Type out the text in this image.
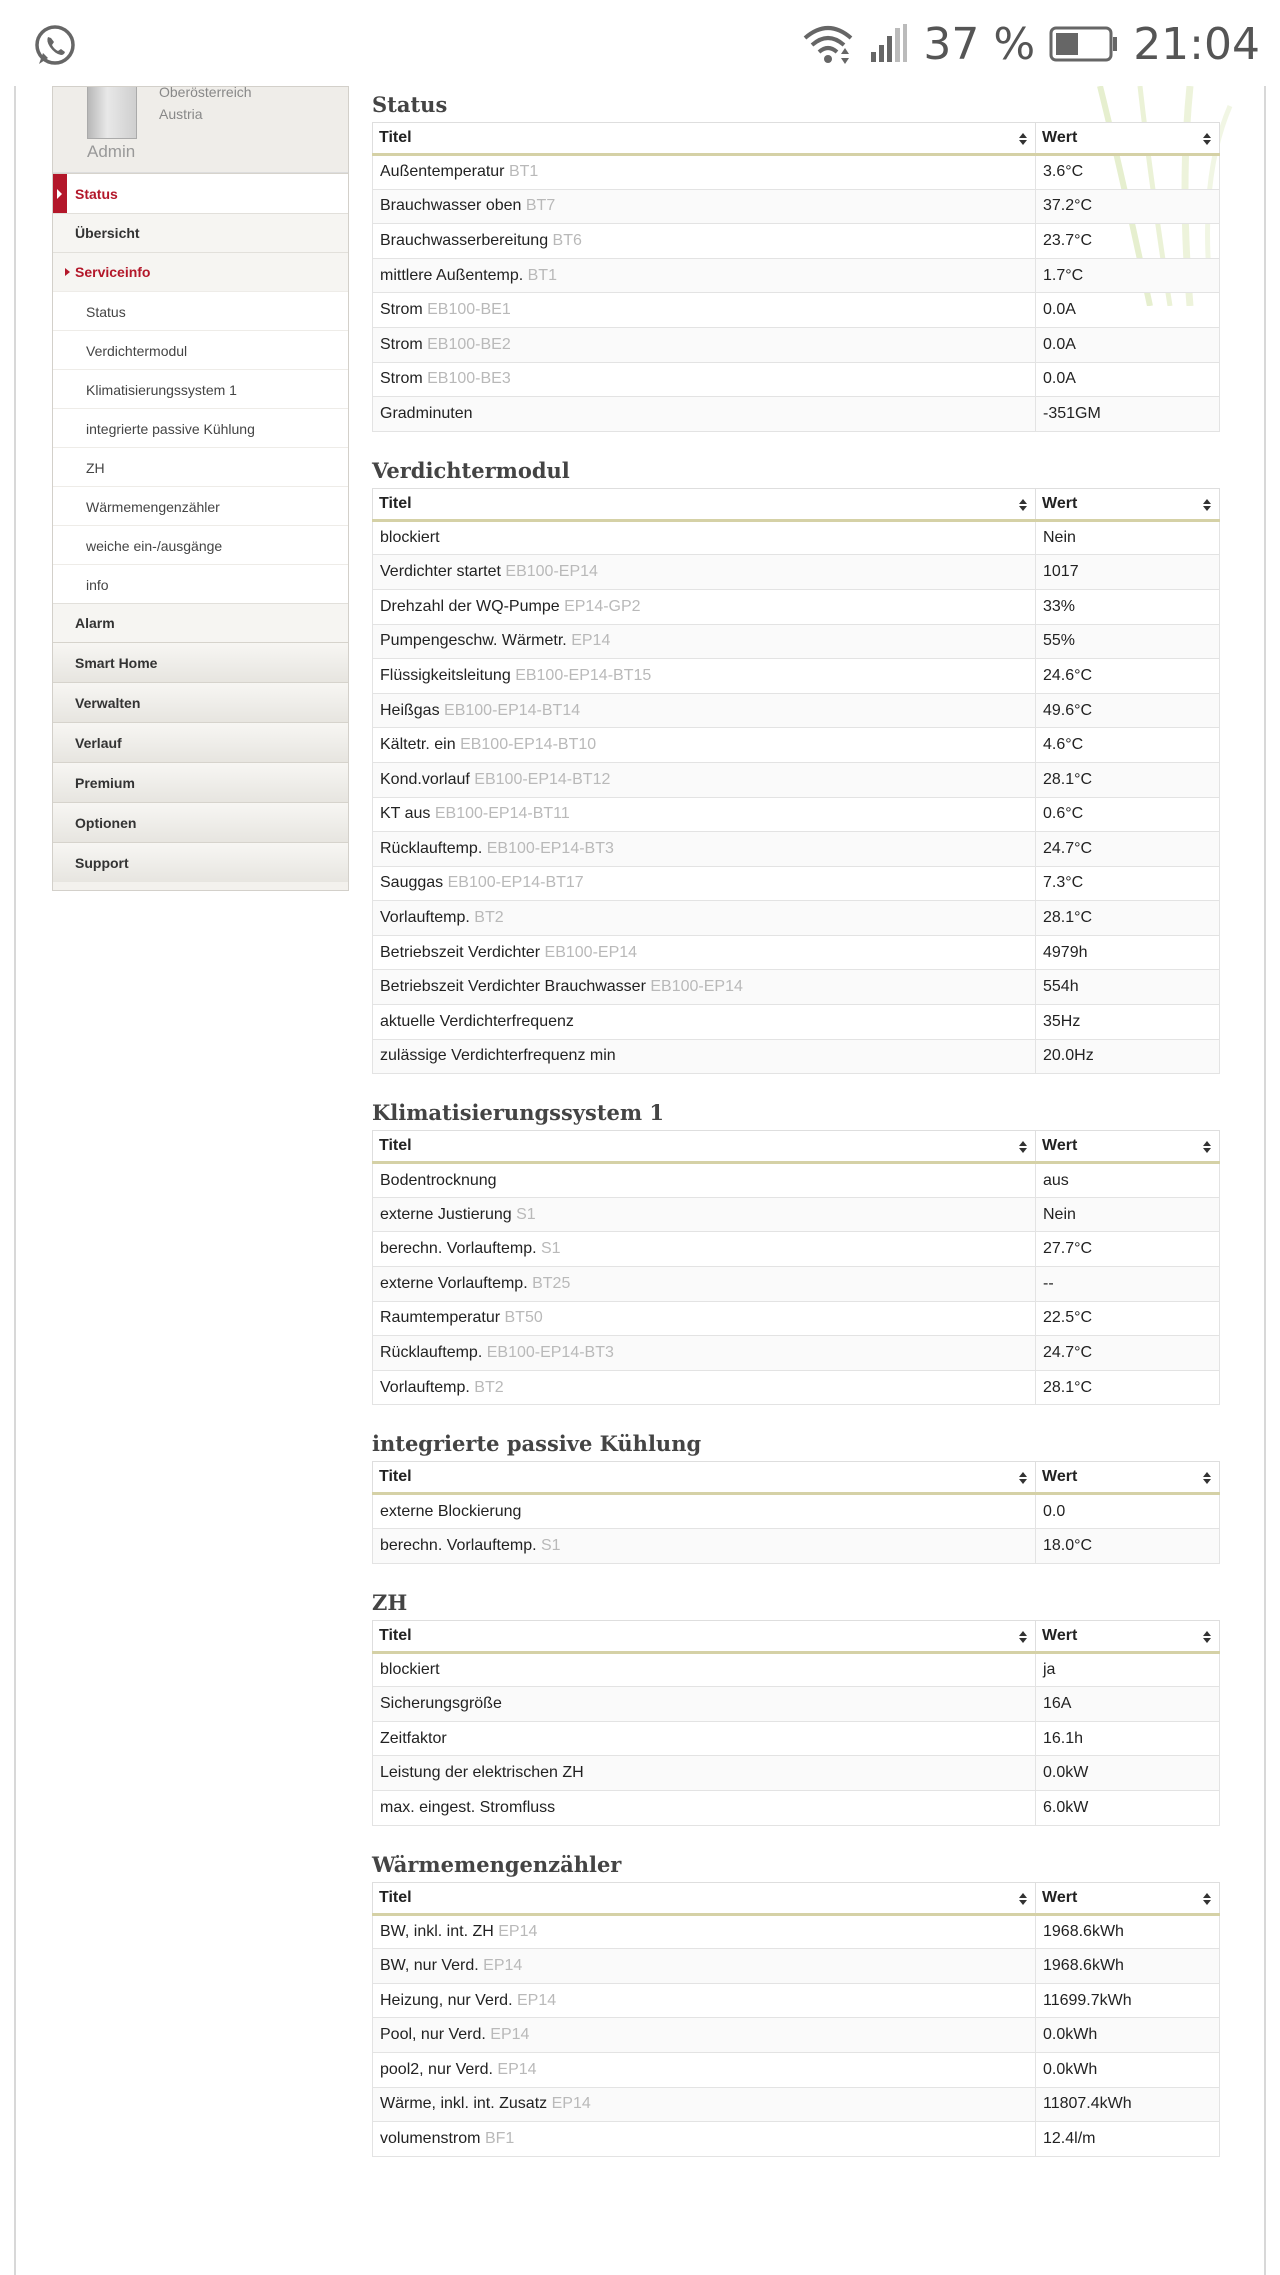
37 % 21:04
Oberösterreich
Austria
Admin
Status
Übersicht
Serviceinfo
Status
Verdichtermodul
Klimatisierungssystem 1
integrierte passive Kühlung
ZH
Wärmemengenzähler
weiche ein-/ausgänge
info
Alarm
Smart Home
Verwalten
Verlauf
Premium
Optionen
Support
Status
Titel	Wert

Außentemperatur BT1	3.6°C
Brauchwasser oben BT7	37.2°C
Brauchwasserbereitung BT6	23.7°C
mittlere Außentemp. BT1	1.7°C
Strom EB100-BE1	0.0A
Strom EB100-BE2	0.0A
Strom EB100-BE3	0.0A
Gradminuten	-351GM
Verdichtermodul
Titel	Wert

blockiert	Nein
Verdichter startet EB100-EP14	1017
Drehzahl der WQ-Pumpe EP14-GP2	33%
Pumpengeschw. Wärmetr. EP14	55%
Flüssigkeitsleitung EB100-EP14-BT15	24.6°C
Heißgas EB100-EP14-BT14	49.6°C
Kältetr. ein EB100-EP14-BT10	4.6°C
Kond.vorlauf EB100-EP14-BT12	28.1°C
KT aus EB100-EP14-BT11	0.6°C
Rücklauftemp. EB100-EP14-BT3	24.7°C
Sauggas EB100-EP14-BT17	7.3°C
Vorlauftemp. BT2	28.1°C
Betriebszeit Verdichter EB100-EP14	4979h
Betriebszeit Verdichter Brauchwasser EB100-EP14	554h
aktuelle Verdichterfrequenz	35Hz
zulässige Verdichterfrequenz min	20.0Hz
Klimatisierungssystem 1
Titel	Wert

Bodentrocknung	aus
externe Justierung S1	Nein
berechn. Vorlauftemp. S1	27.7°C
externe Vorlauftemp. BT25	--
Raumtemperatur BT50	22.5°C
Rücklauftemp. EB100-EP14-BT3	24.7°C
Vorlauftemp. BT2	28.1°C
integrierte passive Kühlung
Titel	Wert

externe Blockierung	0.0
berechn. Vorlauftemp. S1	18.0°C
ZH
Titel	Wert

blockiert	ja
Sicherungsgröße	16A
Zeitfaktor	16.1h
Leistung der elektrischen ZH	0.0kW
max. eingest. Stromfluss	6.0kW
Wärmemengenzähler
Titel	Wert

BW, inkl. int. ZH EP14	1968.6kWh
BW, nur Verd. EP14	1968.6kWh
Heizung, nur Verd. EP14	11699.7kWh
Pool, nur Verd. EP14	0.0kWh
pool2, nur Verd. EP14	0.0kWh
Wärme, inkl. int. Zusatz EP14	11807.4kWh
volumenstrom BF1	12.4l/m
